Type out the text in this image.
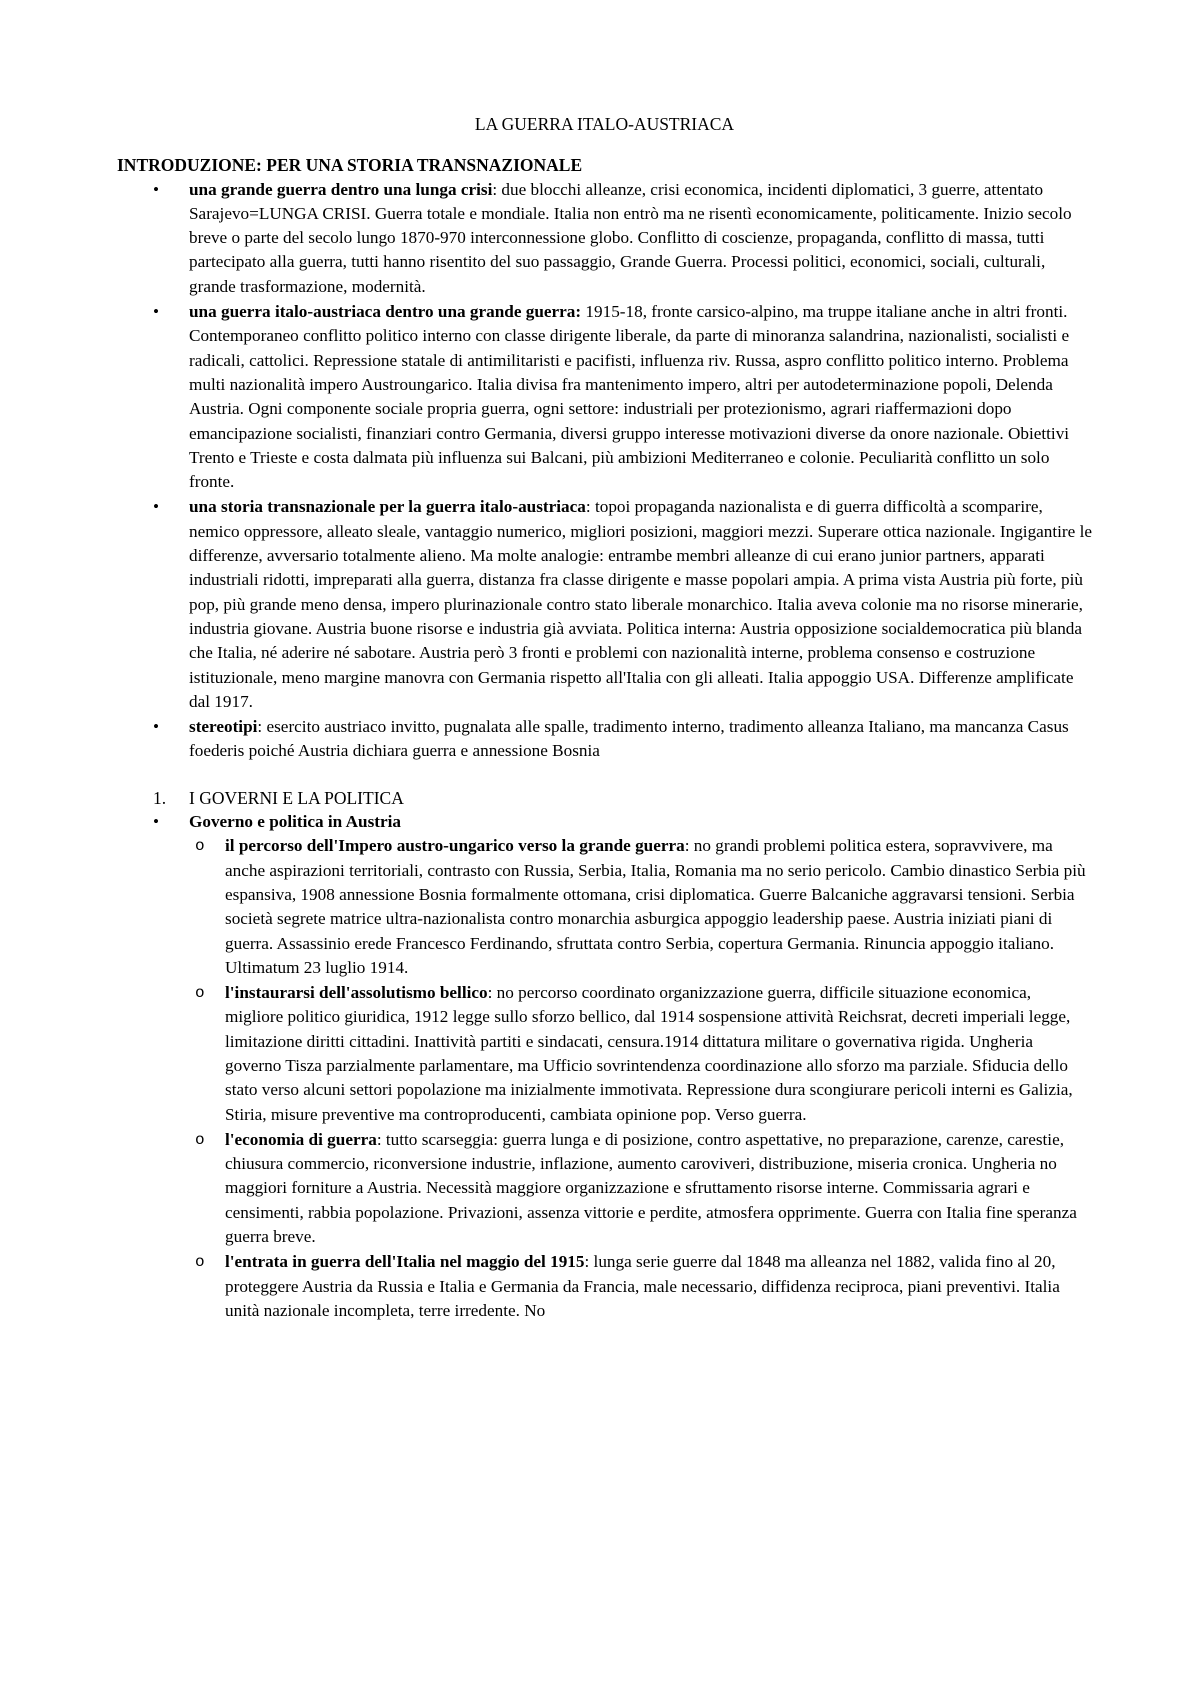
LA GUERRA ITALO-AUSTRIACA
INTRODUZIONE: PER UNA STORIA TRANSNAZIONALE
• una grande guerra dentro una lunga crisi: due blocchi alleanze, crisi economica, incidenti diplomatici, 3 guerre, attentato Sarajevo=LUNGA CRISI. Guerra totale e mondiale. Italia non entrò ma ne risentì economicamente, politicamente. Inizio secolo breve o parte del secolo lungo 1870-970 interconnessione globo. Conflitto di coscienze, propaganda, conflitto di massa, tutti partecipato alla guerra, tutti hanno risentito del suo passaggio, Grande Guerra. Processi politici, economici, sociali, culturali, grande trasformazione, modernità.
• una guerra italo-austriaca dentro una grande guerra: 1915-18, fronte carsico-alpino, ma truppe italiane anche in altri fronti. Contemporaneo conflitto politico interno con classe dirigente liberale, da parte di minoranza salandrina, nazionalisti, socialisti e radicali, cattolici. Repressione statale di antimilitaristi e pacifisti, influenza riv. Russa, aspro conflitto politico interno. Problema multi nazionalità impero Austroungarico. Italia divisa fra mantenimento impero, altri per autodeterminazione popoli, Delenda Austria. Ogni componente sociale propria guerra, ogni settore: industriali per protezionismo, agrari riaffermazioni dopo emancipazione socialisti, finanziari contro Germania, diversi gruppo interesse motivazioni diverse da onore nazionale. Obiettivi Trento e Trieste e costa dalmata più influenza sui Balcani, più ambizioni Mediterraneo e colonie. Peculiarità conflitto un solo fronte.
• una storia transnazionale per la guerra italo-austriaca: topoi propaganda nazionalista e di guerra difficoltà a scomparire, nemico oppressore, alleato sleale, vantaggio numerico, migliori posizioni, maggiori mezzi. Superare ottica nazionale. Ingigantire le differenze, avversario totalmente alieno. Ma molte analogie: entrambe membri alleanze di cui erano junior partners, apparati industriali ridotti, impreparati alla guerra, distanza fra classe dirigente e masse popolari ampia. A prima vista Austria più forte, più pop, più grande meno densa, impero plurinazionale contro stato liberale monarchico. Italia aveva colonie ma no risorse minerarie, industria giovane. Austria buone risorse e industria già avviata. Politica interna: Austria opposizione socialdemocratica più blanda che Italia, né aderire né sabotare. Austria però 3 fronti e problemi con nazionalità interne, problema consenso e costruzione istituzionale, meno margine manovra con Germania rispetto all'Italia con gli alleati. Italia appoggio USA. Differenze amplificate dal 1917.
• stereotipi: esercito austriaco invitto, pugnalata alle spalle, tradimento interno, tradimento alleanza Italiano, ma mancanza Casus foederis poiché Austria dichiara guerra e annessione Bosnia
1. I GOVERNI E LA POLITICA
• Governo e politica in Austria
o il percorso dell'Impero austro-ungarico verso la grande guerra: no grandi problemi politica estera, sopravvivere, ma anche aspirazioni territoriali, contrasto con Russia, Serbia, Italia, Romania ma no serio pericolo. Cambio dinastico Serbia più espansiva, 1908 annessione Bosnia formalmente ottomana, crisi diplomatica. Guerre Balcaniche aggravarsi tensioni. Serbia società segrete matrice ultra-nazionalista contro monarchia asburgica appoggio leadership paese. Austria iniziati piani di guerra. Assassinio erede Francesco Ferdinando, sfruttata contro Serbia, copertura Germania. Rinuncia appoggio italiano. Ultimatum 23 luglio 1914.
o l'instaurarsi dell'assolutismo bellico: no percorso coordinato organizzazione guerra, difficile situazione economica, migliore politico giuridica, 1912 legge sullo sforzo bellico, dal 1914 sospensione attività Reichsrat, decreti imperiali legge, limitazione diritti cittadini. Inattività partiti e sindacati, censura.1914 dittatura militare o governativa rigida. Ungheria governo Tisza parzialmente parlamentare, ma Ufficio sovrintendenza coordinazione allo sforzo ma parziale. Sfiducia dello stato verso alcuni settori popolazione ma inizialmente immotivata. Repressione dura scongiurare pericoli interni es Galizia, Stiria, misure preventive ma controproducenti, cambiata opinione pop. Verso guerra.
o l'economia di guerra: tutto scarseggia: guerra lunga e di posizione, contro aspettative, no preparazione, carenze, carestie, chiusura commercio, riconversione industrie, inflazione, aumento caroviveri, distribuzione, miseria cronica. Ungheria no maggiori forniture a Austria. Necessità maggiore organizzazione e sfruttamento risorse interne. Commissaria agrari e censimenti, rabbia popolazione. Privazioni, assenza vittorie e perdite, atmosfera opprimente. Guerra con Italia fine speranza guerra breve.
o l'entrata in guerra dell'Italia nel maggio del 1915: lunga serie guerre dal 1848 ma alleanza nel 1882, valida fino al 20, proteggere Austria da Russia e Italia e Germania da Francia, male necessario, diffidenza reciproca, piani preventivi. Italia unità nazionale incompleta, terre irredente. No
